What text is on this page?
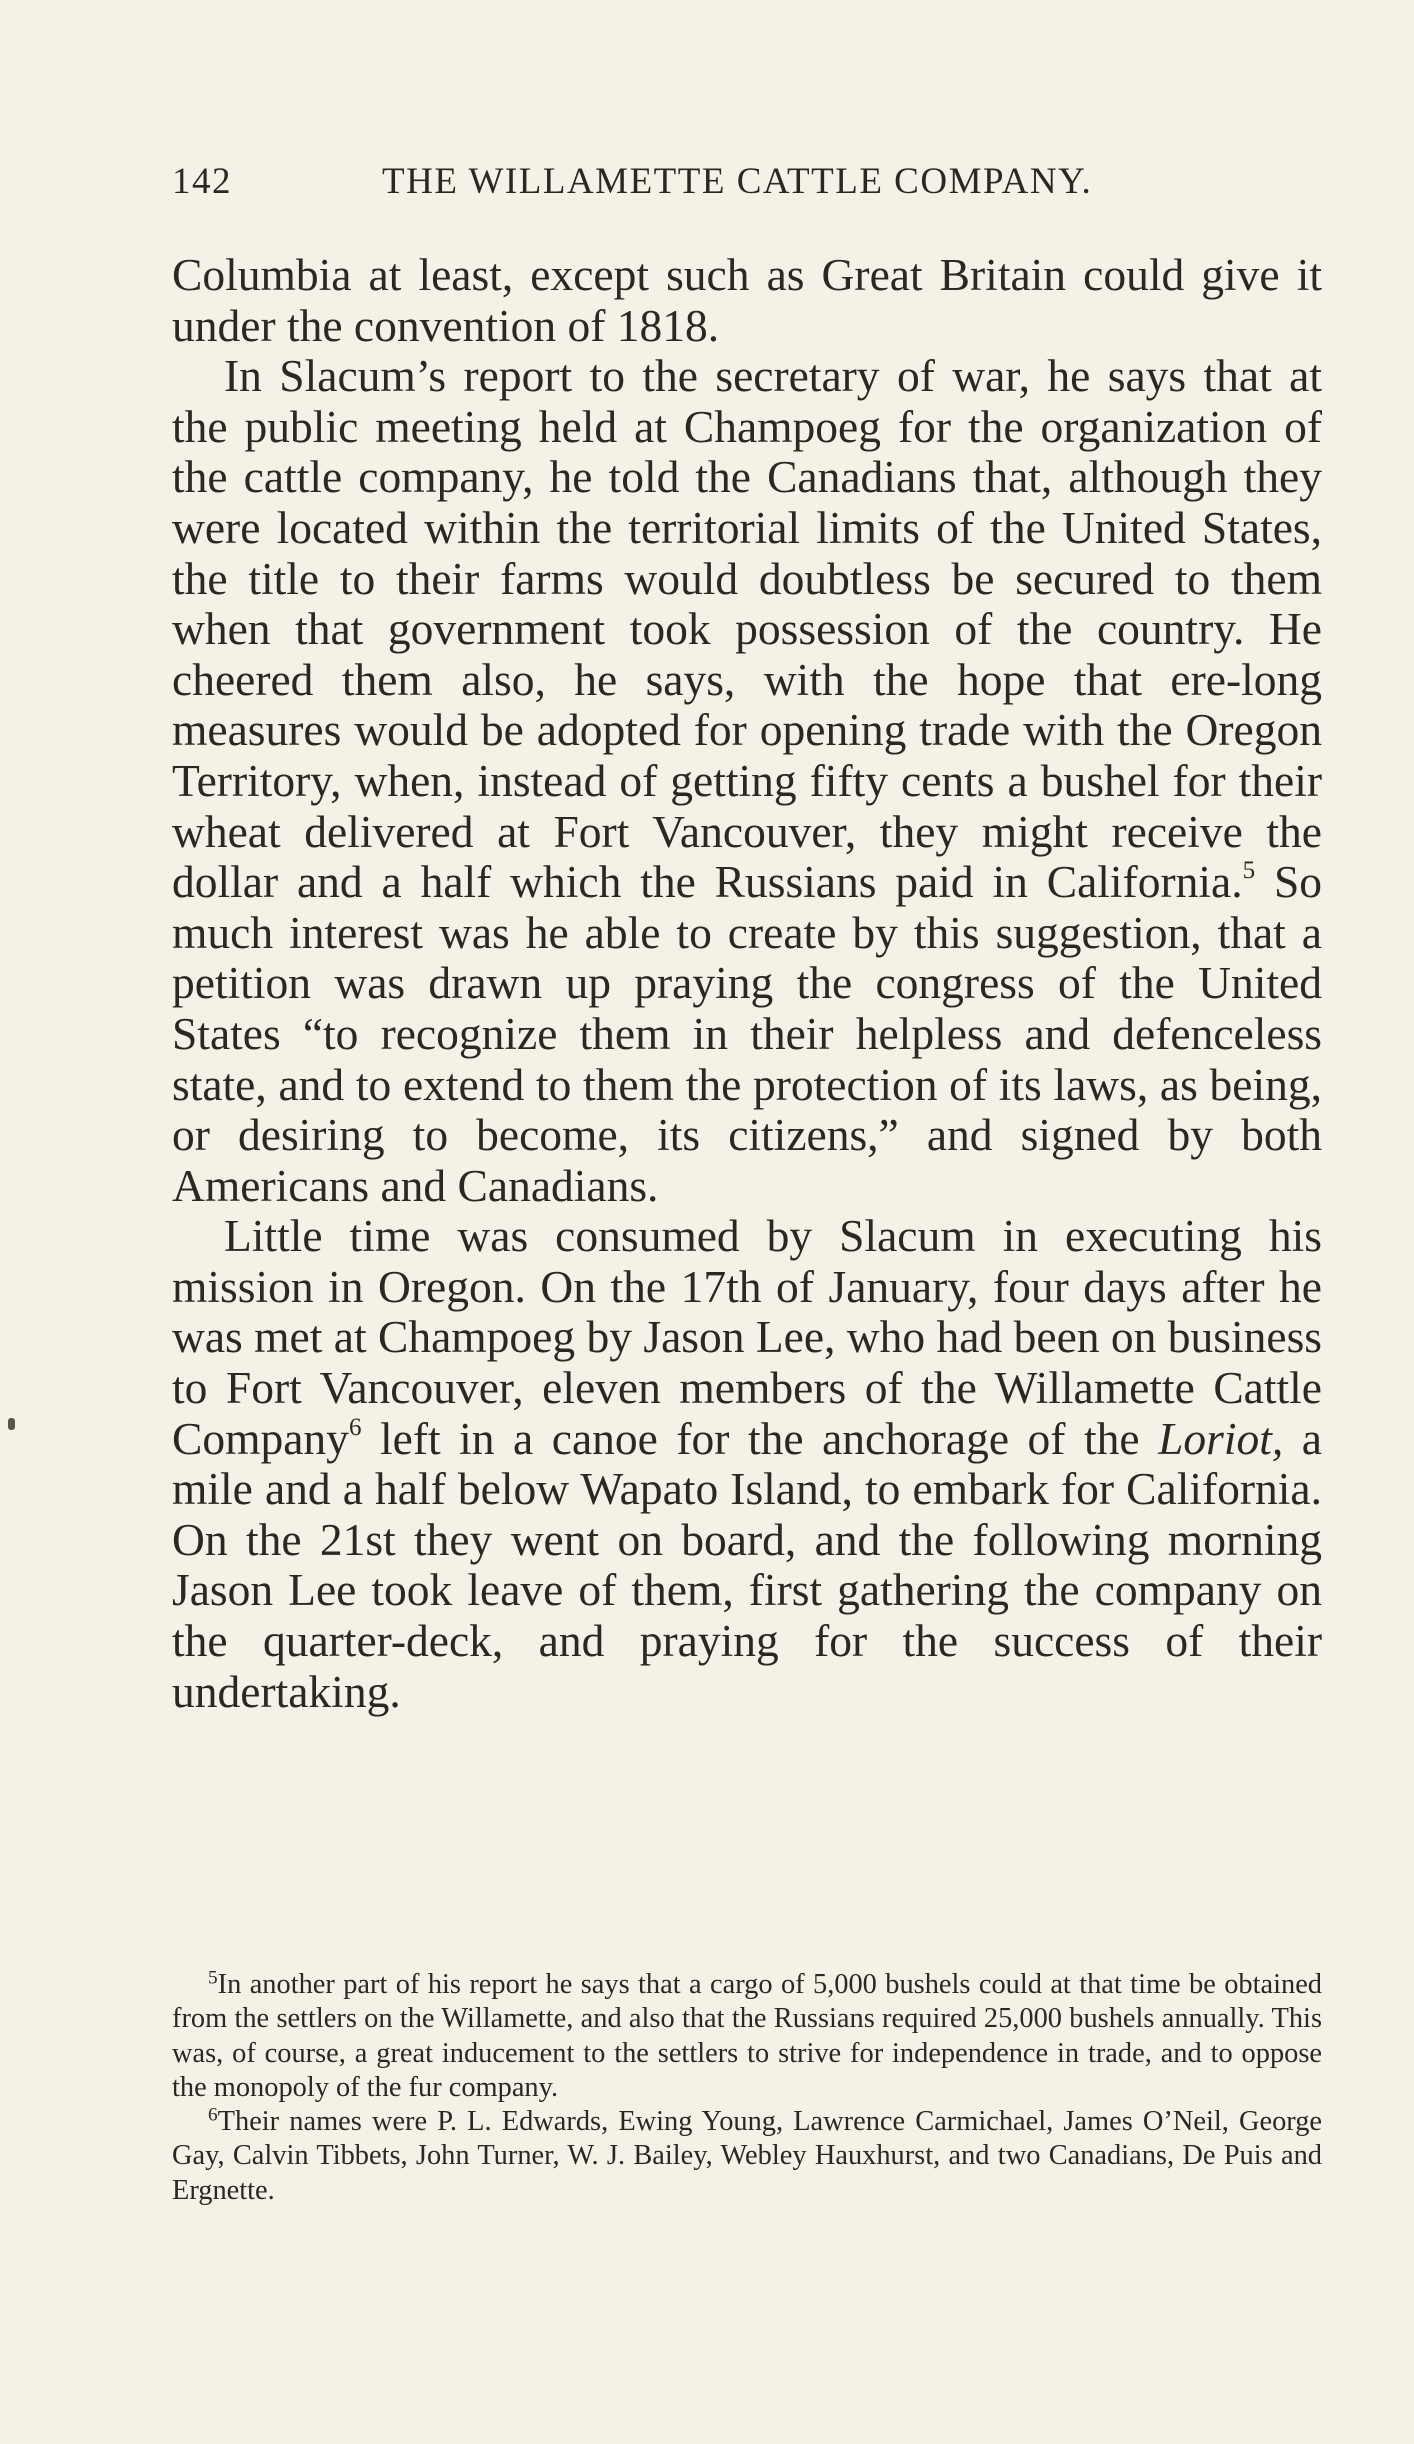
142	THE WILLAMETTE CATTLE COMPANY.

Columbia at least, except such as Great Britain could give it under the convention of 1818.

In Slacum’s report to the secretary of war, he says that at the public meeting held at Champoeg for the organization of the cattle company, he told the Canadians that, although they were located within the territorial limits of the United States, the title to their farms would doubtless be secured to them when that government took possession of the country. He cheered them also, he says, with the hope that ere-long measures would be adopted for opening trade with the Oregon Territory, when, instead of getting fifty cents a bushel for their wheat delivered at Fort Vancouver, they might receive the dollar and a half which the Russians paid in California.$^5$ So much interest was he able to create by this suggestion, that a petition was drawn up praying the congress of the United States “to recognize them in their helpless and defenceless state, and to extend to them the protection of its laws, as being, or desiring to become, its citizens,” and signed by both Americans and Canadians.

Little time was consumed by Slacum in executing his mission in Oregon. On the 17th of January, four days after he was met at Champoeg by Jason Lee, who had been on business to Fort Vancouver, eleven members of the Willamette Cattle Company$^6$ left in a canoe for the anchorage of the Loriot, a mile and a half below Wapato Island, to embark for California. On the 21st they went on board, and the following morning Jason Lee took leave of them, first gathering the company on the quarter-deck, and praying for the success of their undertaking.

$^5$In another part of his report he says that a cargo of 5,000 bushels could at that time be obtained from the settlers on the Willamette, and also that the Russians required 25,000 bushels annually. This was, of course, a great inducement to the settlers to strive for independence in trade, and to oppose the monopoly of the fur company.

$^6$Their names were P. L. Edwards, Ewing Young, Lawrence Carmichael, James O’Neil, George Gay, Calvin Tibbets, John Turner, W. J. Bailey, Webley Hauxhurst, and two Canadians, De Puis and Ergnette.
